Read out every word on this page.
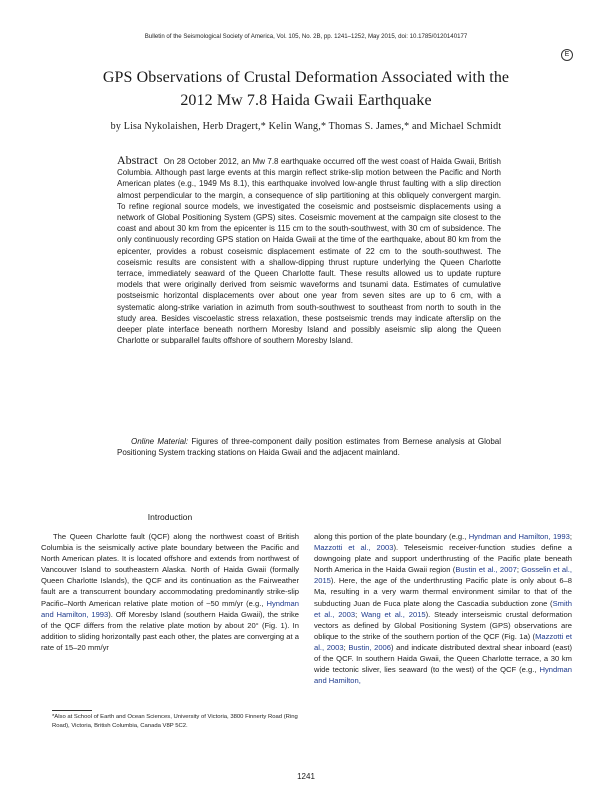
Bulletin of the Seismological Society of America, Vol. 105, No. 2B, pp. 1241–1252, May 2015, doi: 10.1785/0120140177
E
GPS Observations of Crustal Deformation Associated with the
2012 Mw 7.8 Haida Gwaii Earthquake
by Lisa Nykolaishen, Herb Dragert,* Kelin Wang,* Thomas S. James,* and Michael Schmidt
Abstract On 28 October 2012, an Mw 7.8 earthquake occurred off the west coast of Haida Gwaii, British Columbia. Although past large events at this margin reflect strike-slip motion between the Pacific and North American plates (e.g., 1949 Ms 8.1), this earthquake involved low-angle thrust faulting with a slip direction almost perpendicular to the margin, a consequence of slip partitioning at this obliquely convergent margin. To refine regional source models, we investigated the coseismic and postseismic displacements using a network of Global Positioning System (GPS) sites. Coseismic movement at the campaign site closest to the coast and about 30 km from the epicenter is 115 cm to the south-southwest, with 30 cm of subsidence. The only continuously recording GPS station on Haida Gwaii at the time of the earthquake, about 80 km from the epicenter, provides a robust coseismic displacement estimate of 22 cm to the south-southwest. The coseismic results are consistent with a shallow-dipping thrust rupture underlying the Queen Charlotte terrace, immediately seaward of the Queen Charlotte fault. These results allowed us to update rupture models that were originally derived from seismic waveforms and tsunami data. Estimates of cumulative postseismic horizontal displacements over about one year from seven sites are up to 6 cm, with a systematic along-strike variation in azimuth from south-southwest to southeast from north to south in the study area. Besides viscoelastic stress relaxation, these postseismic trends may indicate afterslip on the deeper plate interface beneath northern Moresby Island and possibly aseismic slip along the Queen Charlotte or subparallel faults offshore of southern Moresby Island.
Online Material: Figures of three-component daily position estimates from Bernese analysis at Global Positioning System tracking stations on Haida Gwaii and the adjacent mainland.
Introduction
The Queen Charlotte fault (QCF) along the northwest coast of British Columbia is the seismically active plate boundary between the Pacific and North American plates. It is located offshore and extends from northwest of Vancouver Island to southeastern Alaska. North of Haida Gwaii (formally Queen Charlotte Islands), the QCF and its continuation as the Fairweather fault are a transcurrent boundary accommodating predominantly strike-slip Pacific–North American relative plate motion of ~50 mm/yr (e.g., Hyndman and Hamilton, 1993). Off Moresby Island (southern Haida Gwaii), the strike of the QCF differs from the relative plate motion by about 20° (Fig. 1). In addition to sliding horizontally past each other, the plates are converging at a rate of 15–20 mm/yr
along this portion of the plate boundary (e.g., Hyndman and Hamilton, 1993; Mazzotti et al., 2003). Teleseismic receiver-function studies define a downgoing plate and support underthrusting of the Pacific plate beneath North America in the Haida Gwaii region (Bustin et al., 2007; Gosselin et al., 2015). Here, the age of the underthrusting Pacific plate is only about 6–8 Ma, resulting in a very warm thermal environment similar to that of the subducting Juan de Fuca plate along the Cascadia subduction zone (Smith et al., 2003; Wang et al., 2015). Steady interseismic crustal deformation vectors as defined by Global Positioning System (GPS) observations are oblique to the strike of the southern portion of the QCF (Fig. 1a) (Mazzotti et al., 2003; Bustin, 2006) and indicate distributed dextral shear inboard (east) of the QCF. In southern Haida Gwaii, the Queen Charlotte terrace, a 30 km wide tectonic sliver, lies seaward (to the west) of the QCF (e.g., Hyndman and Hamilton,
*Also at School of Earth and Ocean Sciences, University of Victoria, 3800 Finnerty Road (Ring Road), Victoria, British Columbia, Canada V8P 5C2.
1241
